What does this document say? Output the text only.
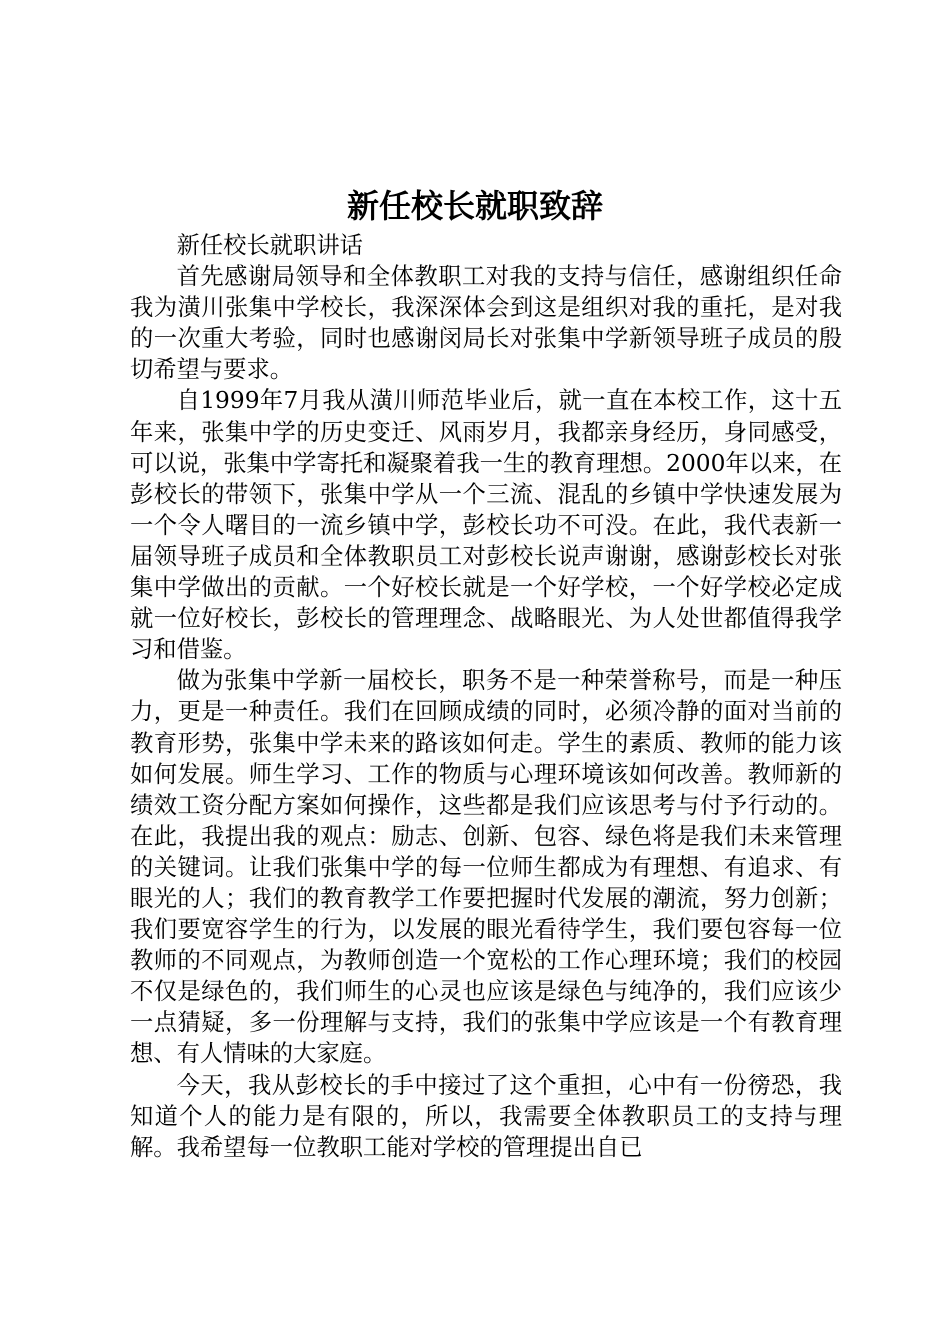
新任校长就职致辞

新任校长就职讲话

首先感谢局领导和全体教职工对我的支持与信任，感谢组织任命我为潢川张集中学校长，我深深体会到这是组织对我的重托，是对我的一次重大考验，同时也感谢闵局长对张集中学新领导班子成员的殷切希望与要求。

自1999年7月我从潢川师范毕业后，就一直在本校工作，这十五年来，张集中学的历史变迁、风雨岁月，我都亲身经历，身同感受，可以说，张集中学寄托和凝聚着我一生的教育理想。2000年以来，在彭校长的带领下，张集中学从一个三流、混乱的乡镇中学快速发展为一个令人曙目的一流乡镇中学，彭校长功不可没。在此，我代表新一届领导班子成员和全体教职员工对彭校长说声谢谢，感谢彭校长对张集中学做出的贡献。一个好校长就是一个好学校，一个好学校必定成就一位好校长，彭校长的管理理念、战略眼光、为人处世都值得我学习和借鉴。

做为张集中学新一届校长，职务不是一种荣誉称号，而是一种压力，更是一种责任。我们在回顾成绩的同时，必须冷静的面对当前的教育形势，张集中学未来的路该如何走。学生的素质、教师的能力该如何发展。师生学习、工作的物质与心理环境该如何改善。教师新的绩效工资分配方案如何操作，这些都是我们应该思考与付予行动的。在此，我提出我的观点：励志、创新、包容、绿色将是我们未来管理的关键词。让我们张集中学的每一位师生都成为有理想、有追求、有眼光的人；我们的教育教学工作要把握时代发展的潮流，努力创新；我们要宽容学生的行为，以发展的眼光看待学生，我们要包容每一位教师的不同观点，为教师创造一个宽松的工作心理环境；我们的校园不仅是绿色的，我们师生的心灵也应该是绿色与纯净的，我们应该少一点猜疑，多一份理解与支持，我们的张集中学应该是一个有教育理想、有人情味的大家庭。

今天，我从彭校长的手中接过了这个重担，心中有一份徬恐，我知道个人的能力是有限的，所以，我需要全体教职员工的支持与理解。我希望每一位教职工能对学校的管理提出自已
